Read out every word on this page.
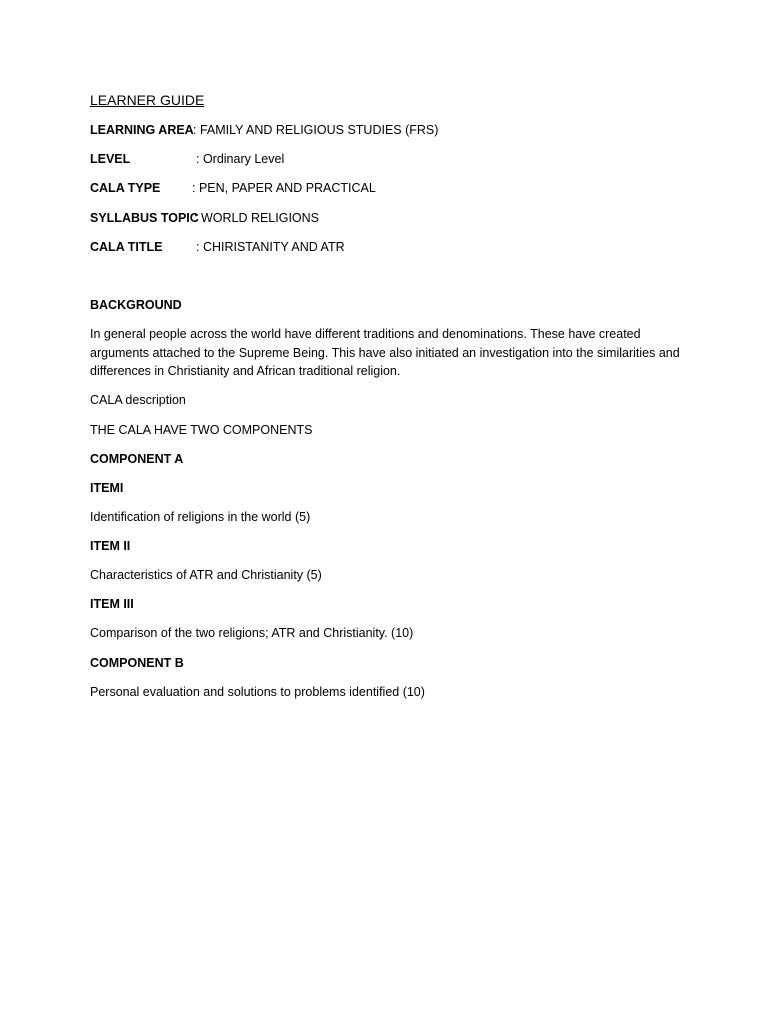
LEARNER GUIDE
LEARNING AREA : FAMILY AND RELIGIOUS STUDIES (FRS)
LEVEL	: Ordinary Level
CALA TYPE	: PEN, PAPER AND PRACTICAL
SYLLABUS TOPIC
: WORLD RELIGIONS
CALA TITLE	: CHIRISTANITY AND ATR
BACKGROUND
In general people across the world have different traditions and denominations. These have created arguments attached to the Supreme Being. This have also initiated an investigation into the similarities and differences in Christianity and African traditional religion.
CALA description
THE CALA HAVE TWO COMPONENTS
COMPONENT A
ITEMI
Identification of religions in the world (5)
ITEM II
Characteristics of ATR and Christianity (5)
ITEM III
Comparison of the two religions; ATR and Christianity. (10)
COMPONENT B
Personal evaluation and solutions to problems identified (10)
